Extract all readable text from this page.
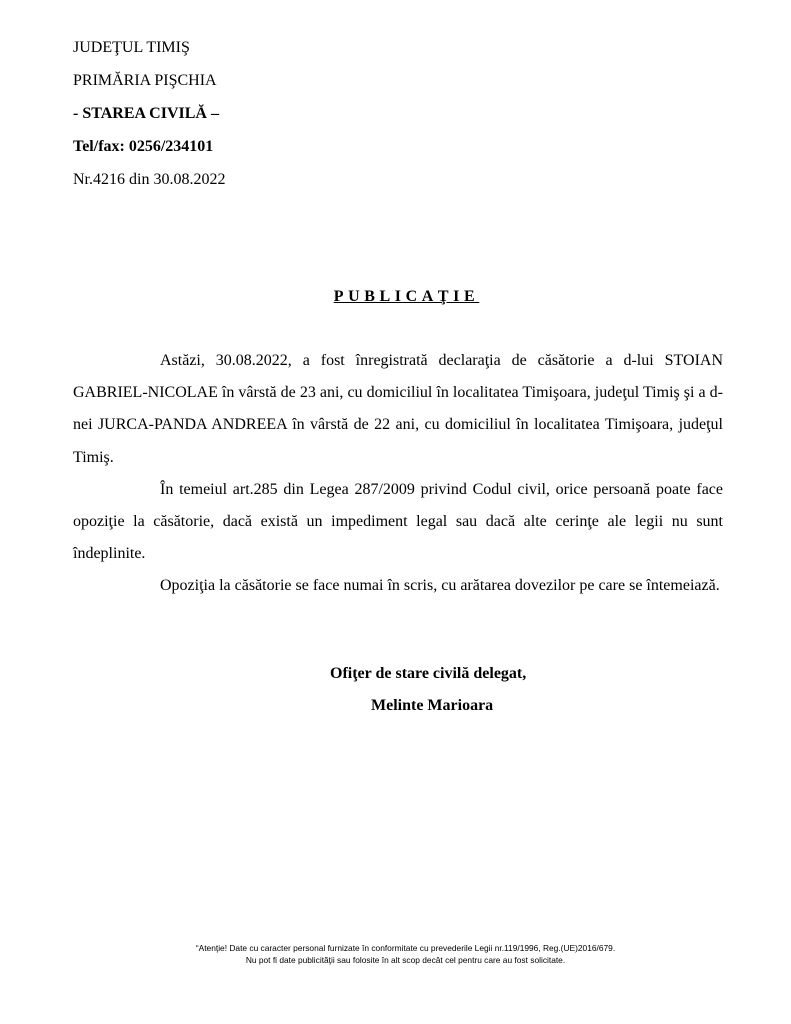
JUDEŢUL TIMIŞ
PRIMĂRIA PIŞCHIA
- STAREA CIVILĂ –
Tel/fax: 0256/234101
Nr.4216 din 30.08.2022
PUBLICAŢIE

Astăzi, 30.08.2022, a fost înregistrată declaraţia de căsătorie a d-lui STOIAN GABRIEL-NICOLAE în vârstă de 23 ani, cu domiciliul în localitatea Timişoara, judeţul Timiş şi a d-nei JURCA-PANDA ANDREEA în vârstă de 22 ani, cu domiciliul în localitatea Timişoara, judeţul Timiş.

În temeiul art.285 din Legea 287/2009 privind Codul civil, orice persoană poate face opoziţie la căsătorie, dacă există un impediment legal sau dacă alte cerinţe ale legii nu sunt îndeplinite.

Opoziţia la căsătorie se face numai în scris, cu arătarea dovezilor pe care se întemeiază.

Ofiţer de stare civilă delegat,
Melinte Marioara
“Atenţie! Date cu caracter personal furnizate în conformitate cu prevederile Legii nr.119/1996, Reg.(UE)2016/679.
Nu pot fi date publicităţii sau folosite în alt scop decât cel pentru care au fost solicitate.
